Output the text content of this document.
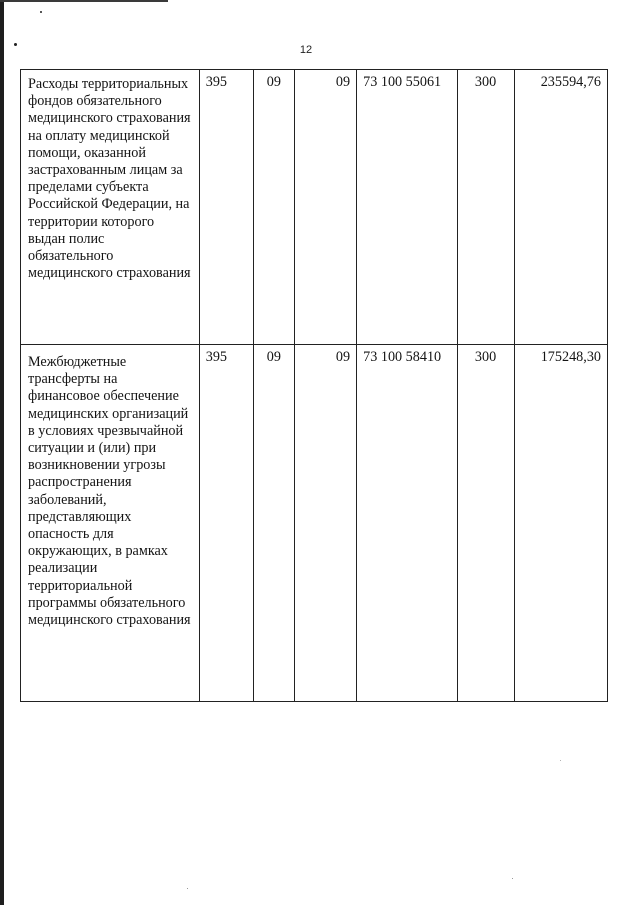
12
Расходы территориальных фондов обязательного медицинского страхования на оплату медицинской помощи, оказанной застрахованным лицам за пределами субъекта Российской Федерации, на территории которого выдан полис обязательного медицинского страхования	395	09	09	73 100 55061	300	235594,76
Межбюджетные трансферты на финансовое обеспечение медицинских организаций в условиях чрезвычайной ситуации и (или) при возникновении угрозы распространения заболеваний, представляющих опасность для окружающих, в рамках реализации территориальной программы обязательного медицинского страхования	395	09	09	73 100 58410	300	175248,30
